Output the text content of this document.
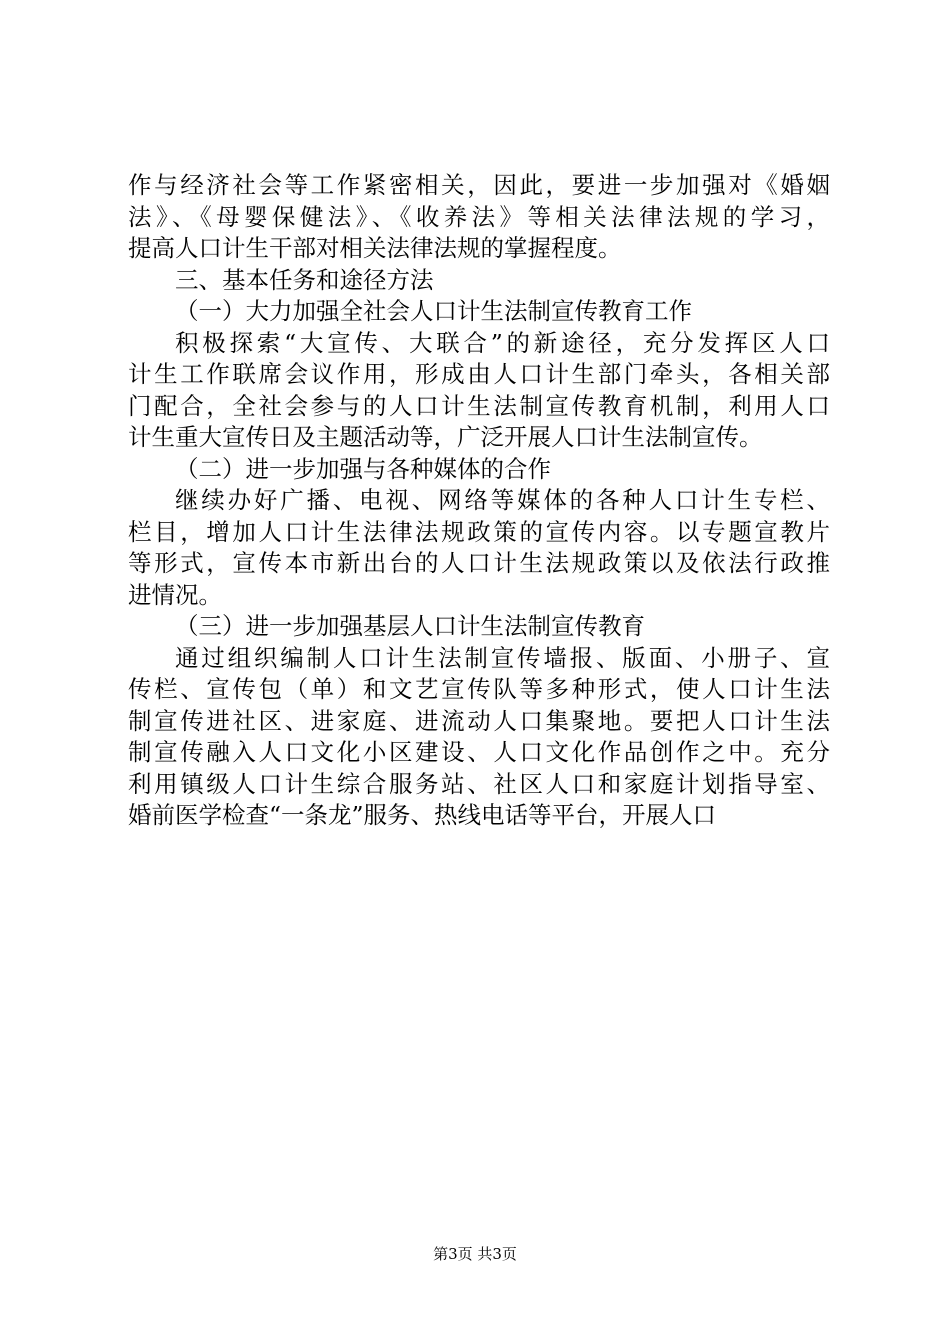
作与经济社会等工作紧密相关，因此，要进一步加强对《婚姻
法》、《母婴保健法》、《收养法》等相关法律法规的学习，
提高人口计生干部对相关法律法规的掌握程度。
三、基本任务和途径方法
（一）大力加强全社会人口计生法制宣传教育工作
积极探索“大宣传、大联合”的新途径，充分发挥区人口
计生工作联席会议作用，形成由人口计生部门牵头，各相关部
门配合，全社会参与的人口计生法制宣传教育机制，利用人口
计生重大宣传日及主题活动等，广泛开展人口计生法制宣传。
（二）进一步加强与各种媒体的合作
继续办好广播、电视、网络等媒体的各种人口计生专栏、
栏目，增加人口计生法律法规政策的宣传内容。以专题宣教片
等形式，宣传本市新出台的人口计生法规政策以及依法行政推
进情况。
（三）进一步加强基层人口计生法制宣传教育
通过组织编制人口计生法制宣传墙报、版面、小册子、宣
传栏、宣传包（单）和文艺宣传队等多种形式，使人口计生法
制宣传进社区、进家庭、进流动人口集聚地。要把人口计生法
制宣传融入人口文化小区建设、人口文化作品创作之中。充分
利用镇级人口计生综合服务站、社区人口和家庭计划指导室、
婚前医学检查“一条龙”服务、热线电话等平台，开展人口
第3页 共3页
